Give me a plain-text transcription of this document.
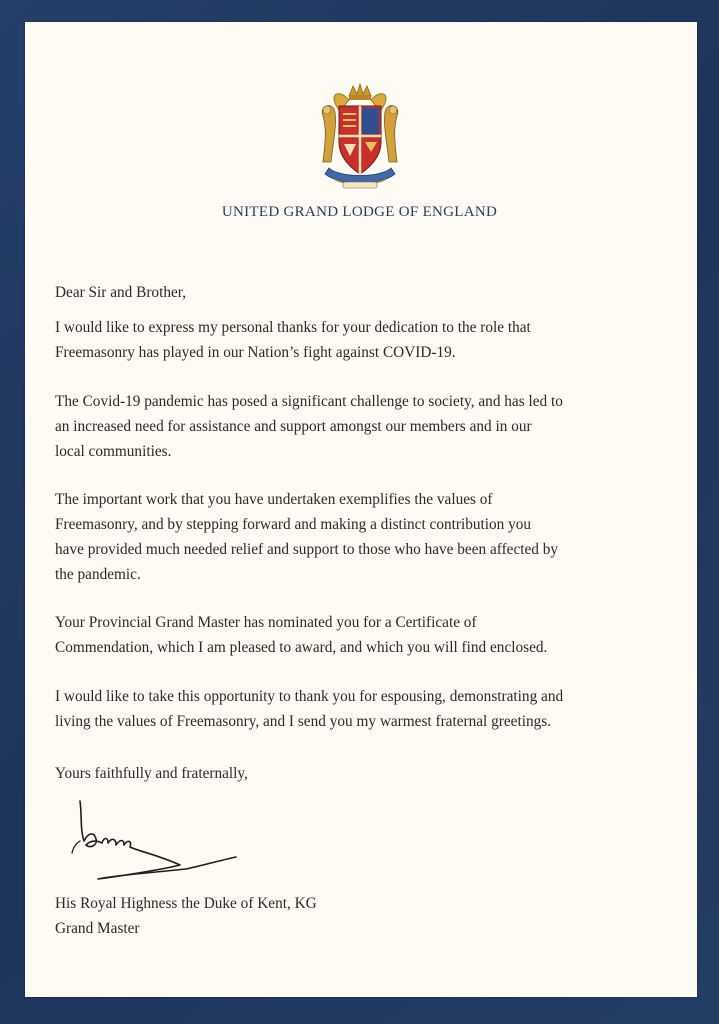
UNITED GRAND LODGE OF ENGLAND

Dear Sir and Brother,

I would like to express my personal thanks for your dedication to the role that

Freemasonry has played in our Nation’s fight against COVID-19.

The Covid-19 pandemic has posed a significant challenge to society, and has led to

an increased need for assistance and support amongst our members and in our

local communities.

The important work that you have undertaken exemplifies the values of

Freemasonry, and by stepping forward and making a distinct contribution you

have provided much needed relief and support to those who have been affected by

the pandemic.

Your Provincial Grand Master has nominated you for a Certificate of

Commendation, which I am pleased to award, and which you will find enclosed.

I would like to take this opportunity to thank you for espousing, demonstrating and

living the values of Freemasonry, and I send you my warmest fraternal greetings.

Yours faithfully and fraternally,

His Royal Highness the Duke of Kent, KG

Grand Master
